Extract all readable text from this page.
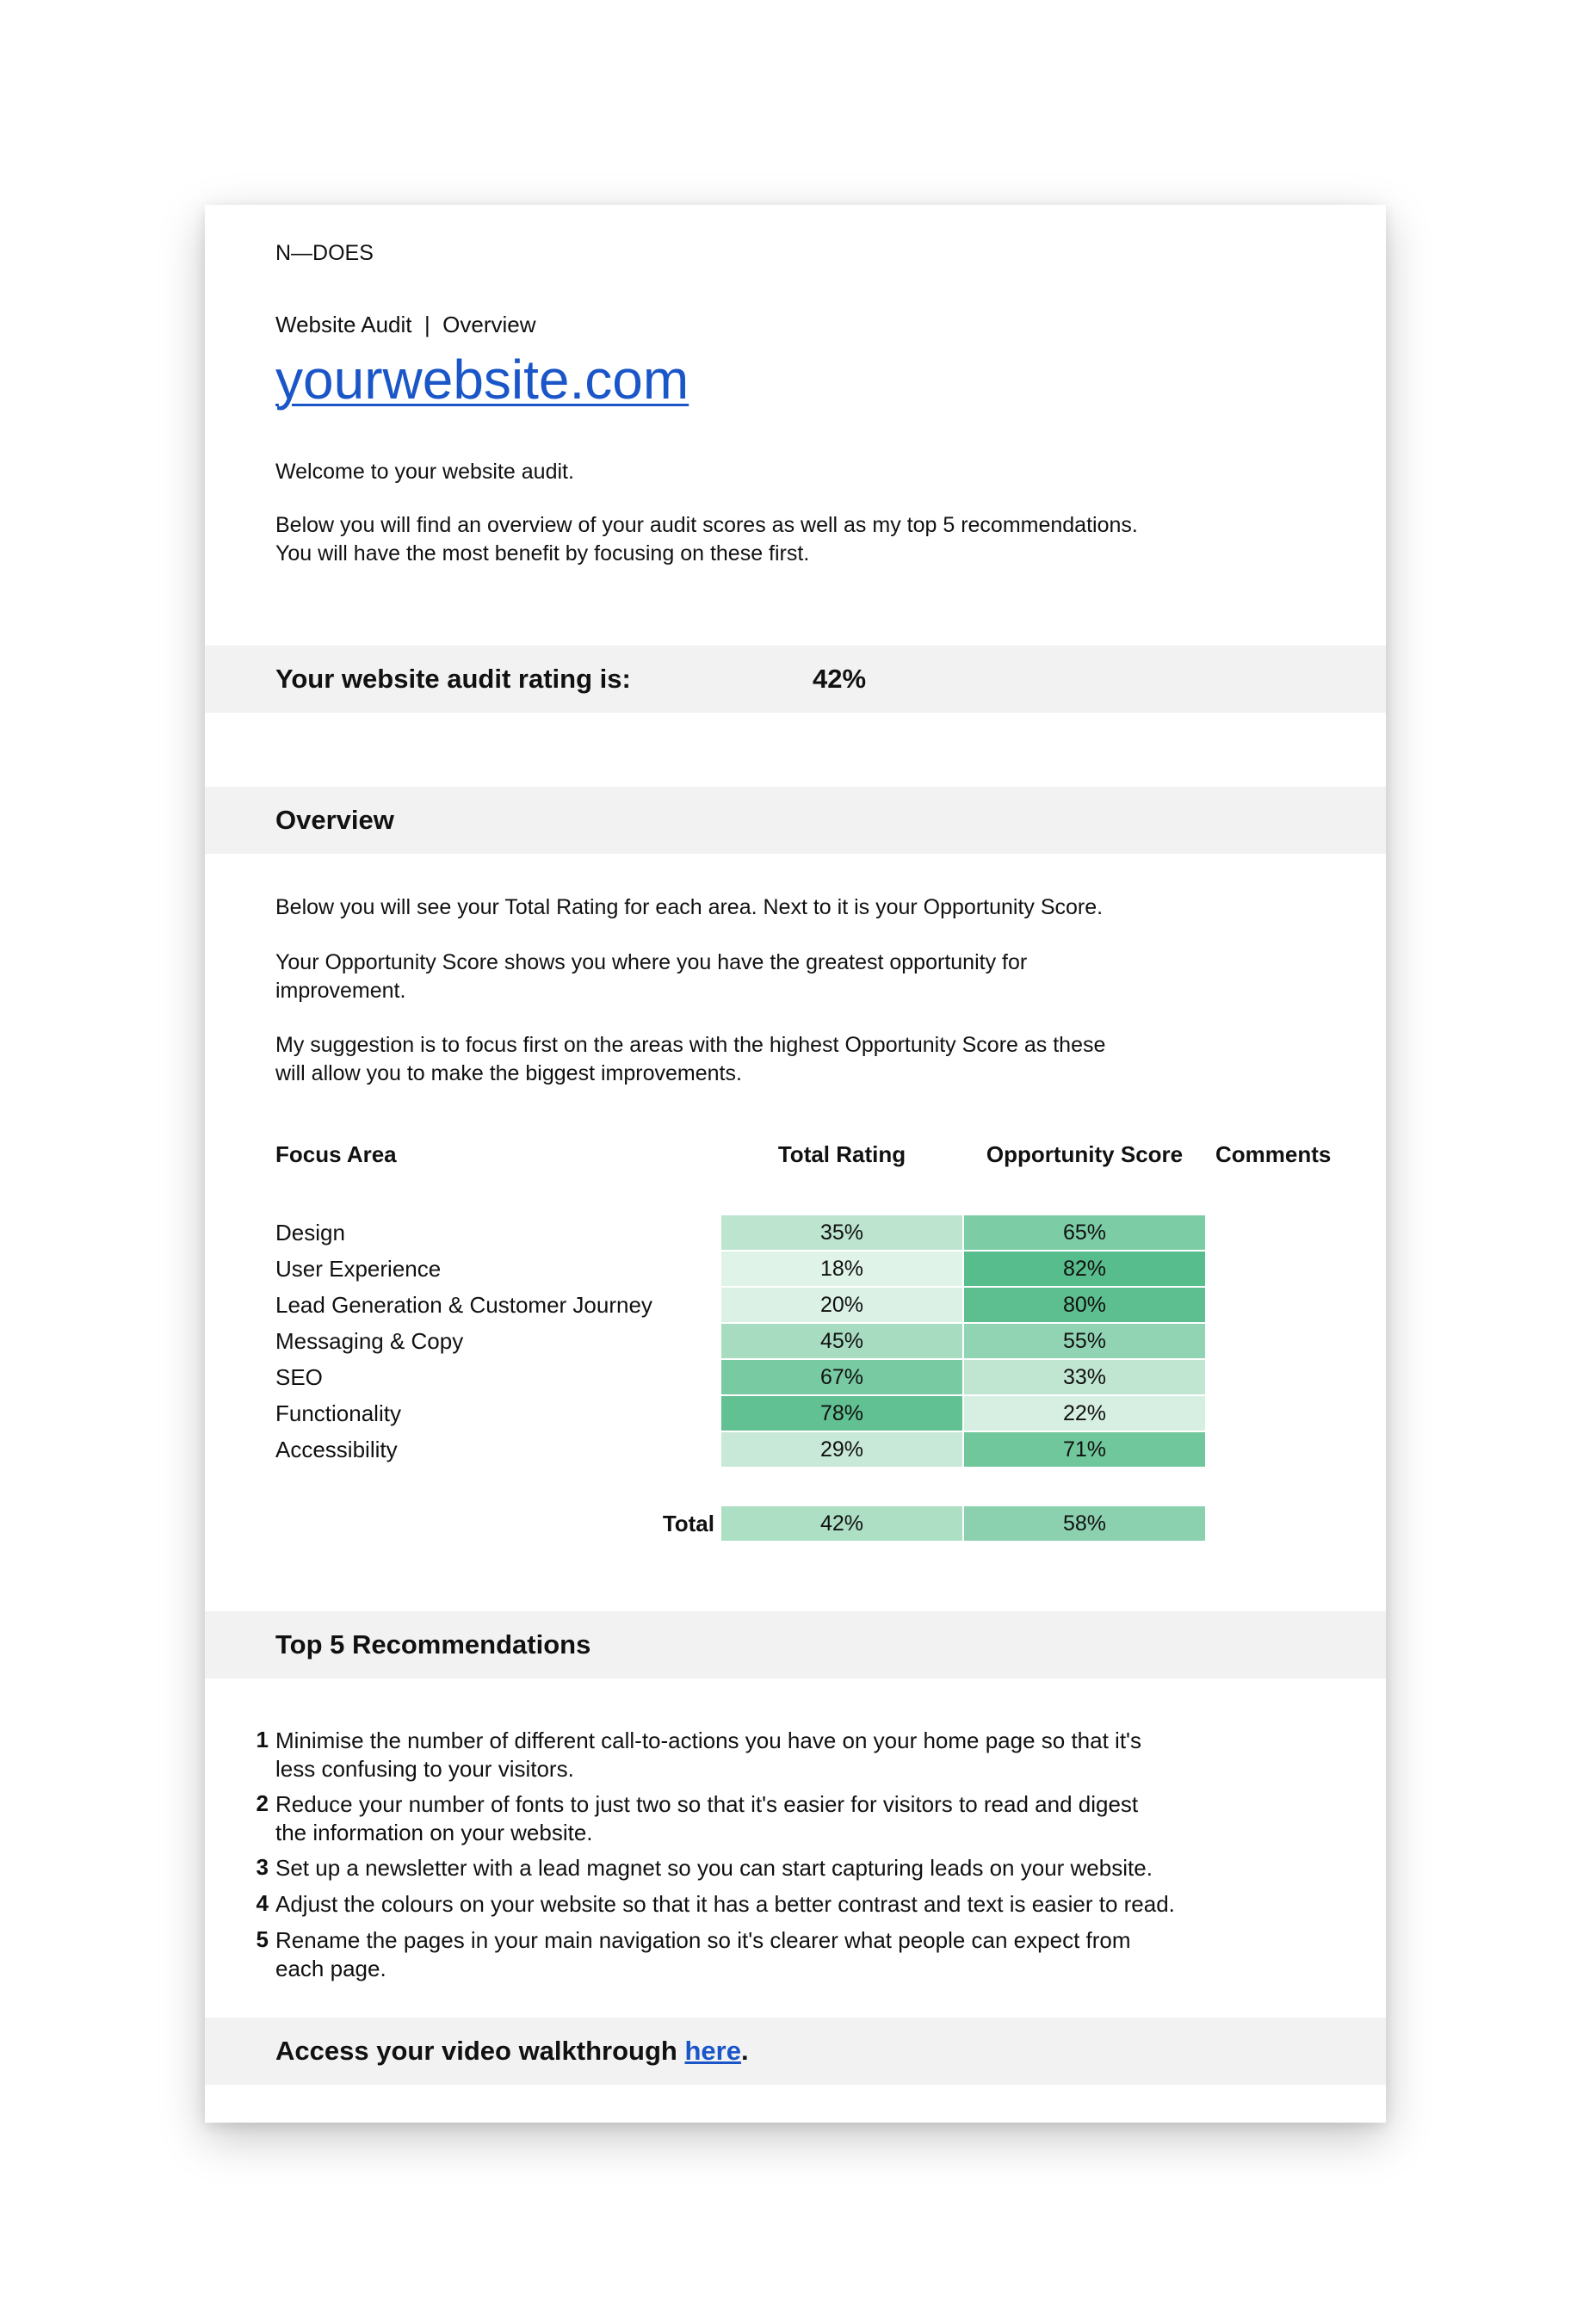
N—DOES
Website Audit  |  Overview
yourwebsite.com
Welcome to your website audit.
Below you will find an overview of your audit scores as well as my top 5 recommendations.
You will have the most benefit by focusing on these first.
Your website audit rating is:	42%
Overview
Below you will see your Total Rating for each area. Next to it is your Opportunity Score.
Your Opportunity Score shows you where you have the greatest opportunity for
improvement.
My suggestion is to focus first on the areas with the highest Opportunity Score as these
will allow you to make the biggest improvements.
Focus Area	Total Rating	Opportunity Score	Comments
Design	35%	65%
User Experience	18%	82%
Lead Generation & Customer Journey	20%	80%
Messaging & Copy	45%	55%
SEO	67%	33%
Functionality	78%	22%
Accessibility	29%	71%
Total	42%	58%
Top 5 Recommendations
1 Minimise the number of different call-to-actions you have on your home page so that it's
less confusing to your visitors.
2 Reduce your number of fonts to just two so that it's easier for visitors to read and digest
the information on your website.
3 Set up a newsletter with a lead magnet so you can start capturing leads on your website.
4 Adjust the colours on your website so that it has a better contrast and text is easier to read.
5 Rename the pages in your main navigation so it's clearer what people can expect from
each page.
Access your video walkthrough here.
